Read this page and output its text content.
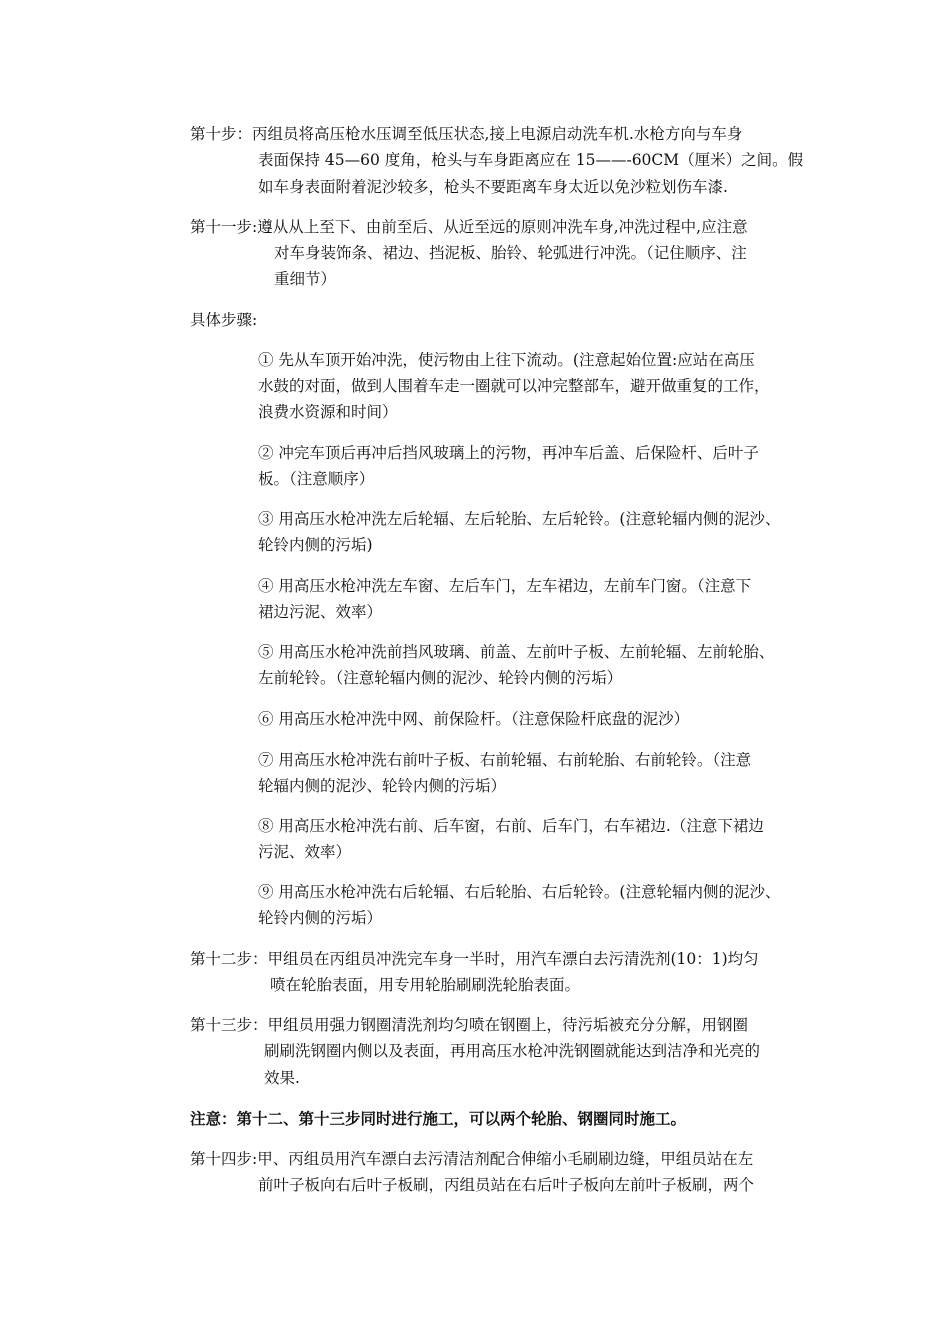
第十步：丙组员将高压枪水压调至低压状态,接上电源启动洗车机.水枪方向与车身
表面保持 45—60 度角，枪头与车身距离应在 15——-60CM（厘米）之间。假
如车身表面附着泥沙较多，枪头不要距离车身太近以免沙粒划伤车漆.
第十一步:遵从从上至下、由前至后、从近至远的原则冲洗车身,冲洗过程中,应注意
对车身装饰条、裙边、挡泥板、胎铃、轮弧进行冲洗。（记住顺序、注
重细节）
具体步骤:
① 先从车顶开始冲洗，使污物由上往下流动。(注意起始位置:应站在高压
水鼓的对面，做到人围着车走一圈就可以冲完整部车，避开做重复的工作，
浪费水资源和时间）
② 冲完车顶后再冲后挡风玻璃上的污物，再冲车后盖、后保险杆、后叶子
板。（注意顺序）
③ 用高压水枪冲洗左后轮辐、左后轮胎、左后轮铃。(注意轮辐内侧的泥沙、
轮铃内侧的污垢)
④ 用高压水枪冲洗左车窗、左后车门，左车裙边，左前车门窗。（注意下
裙边污泥、效率）
⑤ 用高压水枪冲洗前挡风玻璃、前盖、左前叶子板、左前轮辐、左前轮胎、
左前轮铃。（注意轮辐内侧的泥沙、轮铃内侧的污垢）
⑥ 用高压水枪冲洗中网、前保险杆。（注意保险杆底盘的泥沙）
⑦ 用高压水枪冲洗右前叶子板、右前轮辐、右前轮胎、右前轮铃。（注意
轮辐内侧的泥沙、轮铃内侧的污垢）
⑧ 用高压水枪冲洗右前、后车窗，右前、后车门，右车裙边.（注意下裙边
污泥、效率）
⑨ 用高压水枪冲洗右后轮辐、右后轮胎、右后轮铃。(注意轮辐内侧的泥沙、
轮铃内侧的污垢）
第十二步：甲组员在丙组员冲洗完车身一半时，用汽车漂白去污清洗剂(10：1)均匀
喷在轮胎表面，用专用轮胎刷刷洗轮胎表面。
第十三步：甲组员用强力钢圈清洗剂均匀喷在钢圈上，待污垢被充分分解，用钢圈
刷刷洗钢圈内侧以及表面，再用高压水枪冲洗钢圈就能达到洁净和光亮的
效果.
注意：第十二、第十三步同时进行施工，可以两个轮胎、钢圈同时施工。
第十四步:甲、丙组员用汽车漂白去污清洁剂配合伸缩小毛刷刷边缝，甲组员站在左
前叶子板向右后叶子板刷，丙组员站在右后叶子板向左前叶子板刷，两个
